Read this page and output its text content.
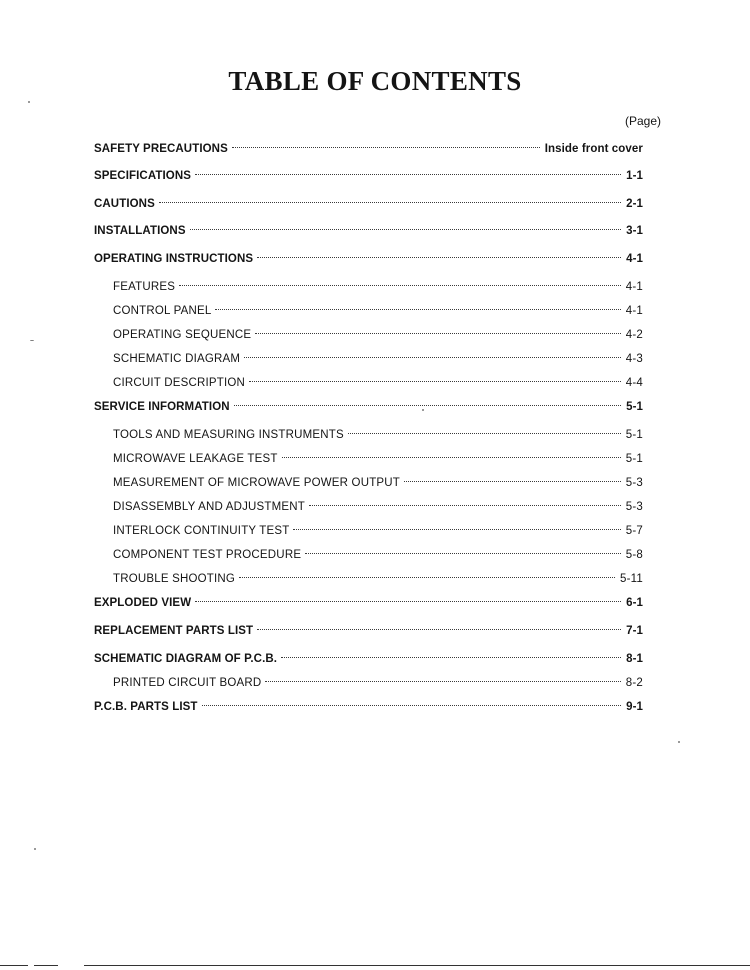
TABLE OF CONTENTS
(Page)
SAFETY PRECAUTIONS	Inside front cover
SPECIFICATIONS	1-1
CAUTIONS	2-1
INSTALLATIONS	3-1
OPERATING INSTRUCTIONS	4-1
FEATURES	4-1
CONTROL PANEL	4-1
OPERATING SEQUENCE	4-2
SCHEMATIC DIAGRAM	4-3
CIRCUIT DESCRIPTION	4-4
SERVICE INFORMATION	5-1
TOOLS AND MEASURING INSTRUMENTS	5-1
MICROWAVE LEAKAGE TEST	5-1
MEASUREMENT OF MICROWAVE POWER OUTPUT	5-3
DISASSEMBLY AND ADJUSTMENT	5-3
INTERLOCK CONTINUITY TEST	5-7
COMPONENT TEST PROCEDURE	5-8
TROUBLE SHOOTING	5-11
EXPLODED VIEW	6-1
REPLACEMENT PARTS LIST	7-1
SCHEMATIC DIAGRAM OF P.C.B.	8-1
PRINTED CIRCUIT BOARD	8-2
P.C.B. PARTS LIST	9-1
